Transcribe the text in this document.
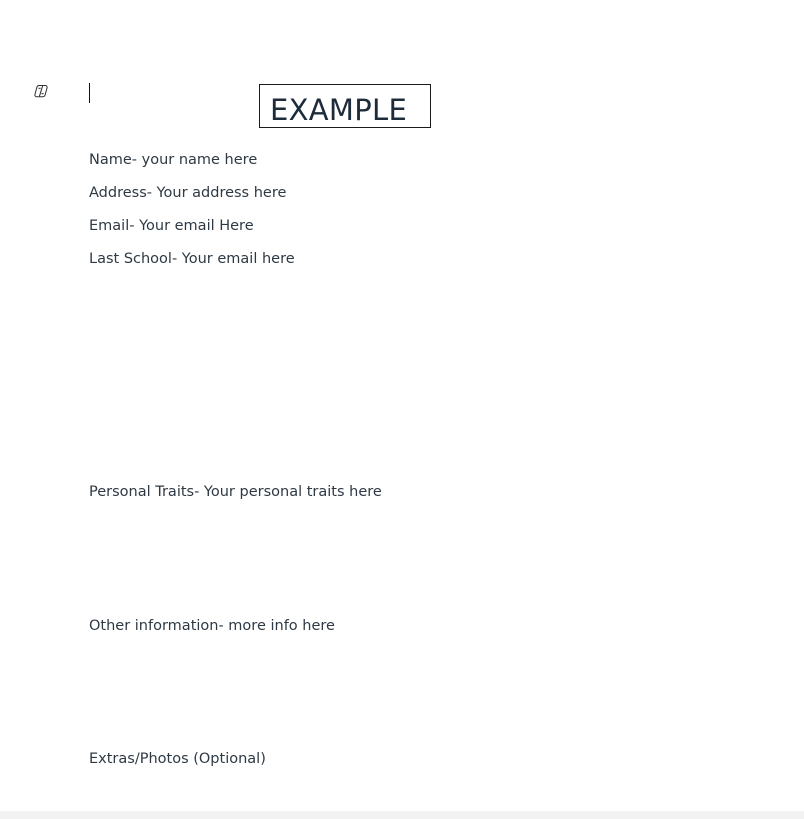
EXAMPLE
Name- your name here
Address- Your address here
Email- Your email Here
Last School- Your email here
Personal Traits- Your personal traits here
Other information- more info here
Extras/Photos (Optional)
